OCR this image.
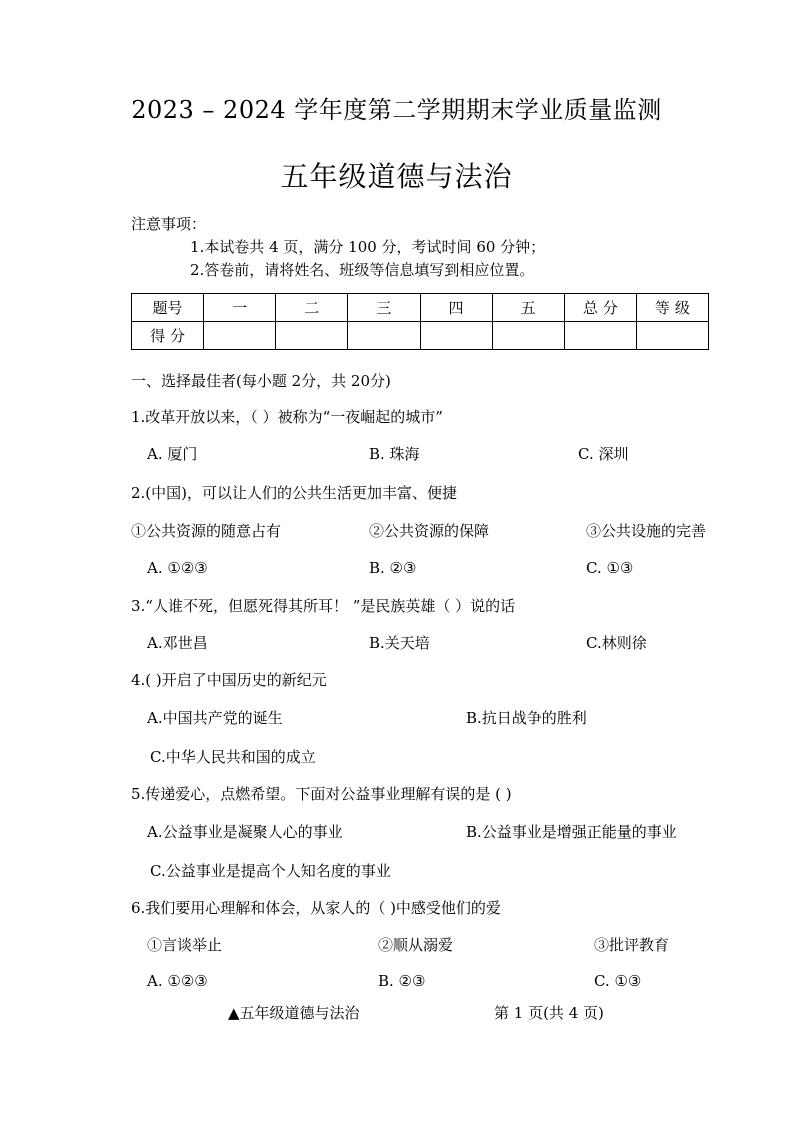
2023 – 2024 学年度第二学期期末学业质量监测
五年级道德与法治
注意事项：
1.本试卷共 4 页，满分 100 分，考试时间 60 分钟；
2.答卷前，请将姓名、班级等信息填写到相应位置。
题号	一	二	三	四	五	总 分	等 级
得 分							
一、选择最佳者(每小题 2分，共 20分)
1.改革开放以来，（ ）被称为“一夜崛起的城市”
A. 厦门	B. 珠海	C. 深圳
2.(中国)，可以让人们的公共生活更加丰富、便捷
①公共资源的随意占有	②公共资源的保障	③公共设施的完善
A. ①②③	B. ②③	C. ①③
3.“人谁不死，但愿死得其所耳！ ”是民族英雄（ ）说的话
A.邓世昌	B.关天培	C.林则徐
4.( )开启了中国历史的新纪元
A.中国共产党的诞生	B.抗日战争的胜利
C.中华人民共和国的成立
5.传递爱心，点燃希望。下面对公益事业理解有误的是 ( )
A.公益事业是凝聚人心的事业	B.公益事业是增强正能量的事业
C.公益事业是提高个人知名度的事业
6.我们要用心理解和体会，从家人的（ )中感受他们的爱
①言谈举止	②顺从溺爱	③批评教育
A. ①②③	B. ②③	C. ①③
▲五年级道德与法治	第 1 页(共 4 页)
